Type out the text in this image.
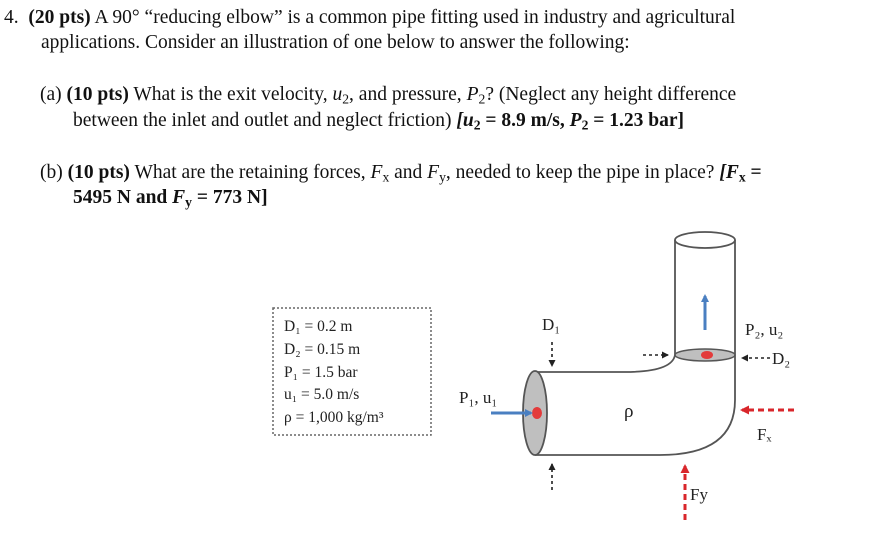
4. (20 pts) A 90° “reducing elbow” is a common pipe fitting used in industry and agricultural
applications. Consider an illustration of one below to answer the following:
(a) (10 pts) What is the exit velocity, $u_2$, and pressure, $P_2$? (Neglect any height difference
between the inlet and outlet and neglect friction) [$u_2 = 8.9$ m/s, $P_2 = 1.23$ bar]
(b) (10 pts) What are the retaining forces, $F_x$ and $F_y$, needed to keep the pipe in place? [$F_x$ =
5495 N and $F_y = 773$ N]
D₁ = 0.2 m
D₂ = 0.15 m
P₁ = 1.5 bar
u₁ = 5.0 m/s
ρ = 1,000 kg/m³
P₁, u₁
D₁
ρ
P₂, u₂
D₂
Fₓ
Fy
